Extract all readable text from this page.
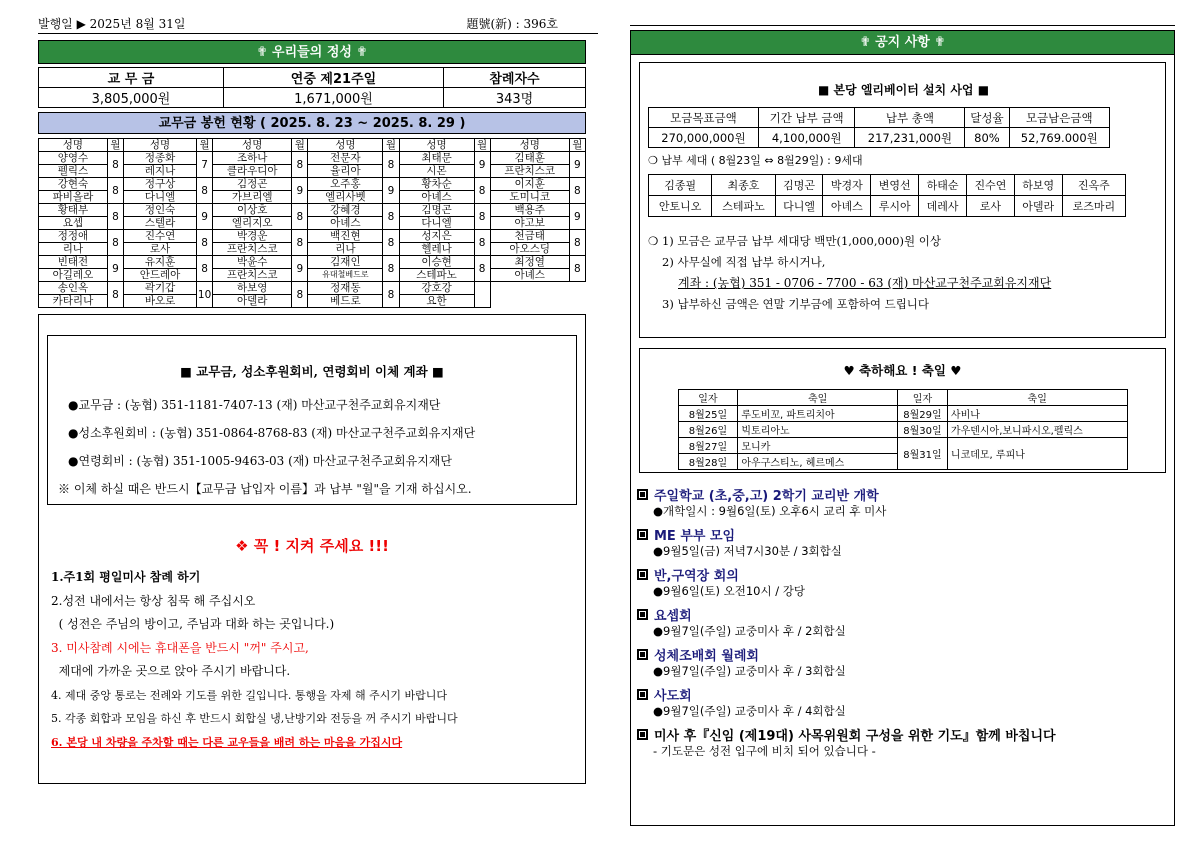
발행일 ▶ 2025년 8월 31일	題號(新) : 396호
✟ 우리들의 정성 ✟
교 무 금	연중 제21주일	참례자수
3,805,000원	1,671,000원	343명
교무금 봉헌 현황 ( 2025. 8. 23 ~ 2025. 8. 29 )
성명	월	성명	월	성명	월	성명	월	성명	월	성명	월
양영수	8	정종화	7	조하나	8	전문자	8	최태문	9	김태훈	9
펠릭스		레지나		클라우디아		율리아		시몬		프란치스코	
강현숙	8	정구상	8	김정곤	9	오주홍	9	황차순	8	이지훈	8
파비올라		다니엘		가브리엘		엘리사벳		아녜스		도미니코	
황태부	8	정인숙	9	이상호	8	강혜경	8	김명곤	8	백용주	9
요셉		스텔라		엘리지오		아녜스		다니엘		야고보	
정정애	8	진수연	8	박경운	8	백진현	8	성지은	8	천금태	8
리나		로사		프란치스코		리나		헬레나		아오스딩	
빈태전	9	유지훈	8	박윤수	9	김재인	8	이승현	8	최정열	8
아길레오		안드레아		프란치스코		유대철베드로		스테파노		아녜스	
송인옥	8	곽기갑	10	하보영	8	정재동	8	강호강			
카타리나		바오로		아델라		베드로		요한			
■ 교무금, 성소후원회비, 연령회비 이체 계좌 ■
●교무금 : (농협) 351-1181-7407-13 (재) 마산교구천주교회유지재단
●성소후원회비 : (농협) 351-0864-8768-83 (재) 마산교구천주교회유지재단
●연령회비 : (농협) 351-1005-9463-03 (재) 마산교구천주교회유지재단
※ 이체 하실 때은 반드시【교무금 납입자 이름】과 납부 "월"을 기재 하십시오.
❖ 꼭 ! 지켜 주세요 !!!
1.주1회 평일미사 참례 하기
2.성전 내에서는 항상 침묵 해 주십시오
( 성전은 주님의 방이고, 주님과 대화 하는 곳입니다.)
3. 미사참례 시에는 휴대폰을 반드시 "꺼" 주시고,
제대에 가까운 곳으로 앉아 주시기 바랍니다.
4. 제대 중앙 통로는 전례와 기도를 위한 길입니다. 통행을 자제 해 주시기 바랍니다
5. 각종 회합과 모임을 하신 후 반드시 회합실 냉,난방기와 전등을 꺼 주시기 바랍니다
6. 본당 내 차량을 주차할 때는 다른 교우들을 배려 하는 마음을 가집시다
✟ 공지 사항 ✟
■ 본당 엘리베이터 설치 사업 ■
모금목표금액	기간 납부 금액	납부 총액	달성율	모금남은금액
270,000,000원	4,100,000원	217,231,000원	80%	52,769.000원
❍ 납부 세대 ( 8월23일 ⇔ 8월29일) : 9세대
김종필	최종호	김명곤	박경자	변영선	하태순	진수연	하보영	진옥주
안토니오	스테파노	다니엘	아녜스	루시아	데레사	로사	아델라	로즈마리
❍ 1) 모금은 교무금 납부 세대당 백만(1,000,000)원 이상
2) 사무실에 직접 납부 하시거나,
계좌 : (농협) 351 - 0706 - 7700 - 63 (재) 마산교구천주교회유지재단
3) 납부하신 금액은 연말 기부금에 포함하여 드립니다
♥ 축하해요 ! 축일 ♥
일자	축일	일자	축일
8월25일	루도비꼬, 파트리치아	8월29일	사비나
8월26일	빅토리아노	8월30일	가우덴시아,보니파시오,펠릭스
8월27일	모니카	8월31일	니코데모, 루피나
8월28일	아우구스티노, 헤르메스		
주일학교 (초,중,고) 2학기 교리반 개학
●개학일시 : 9월6일(토) 오후6시 교리 후 미사
ME 부부 모임
●9월5일(금) 저녁7시30분 / 3회합실
반,구역장 회의
●9월6일(토) 오전10시 / 강당
요셉회
●9월7일(주일) 교중미사 후 / 2회합실
성체조배회 월례회
●9월7일(주일) 교중미사 후 / 3회합실
사도회
●9월7일(주일) 교중미사 후 / 4회합실
미사 후『신임 (제19대) 사목위원회 구성을 위한 기도』함께 바칩니다
- 기도문은 성전 입구에 비치 되어 있습니다 -
